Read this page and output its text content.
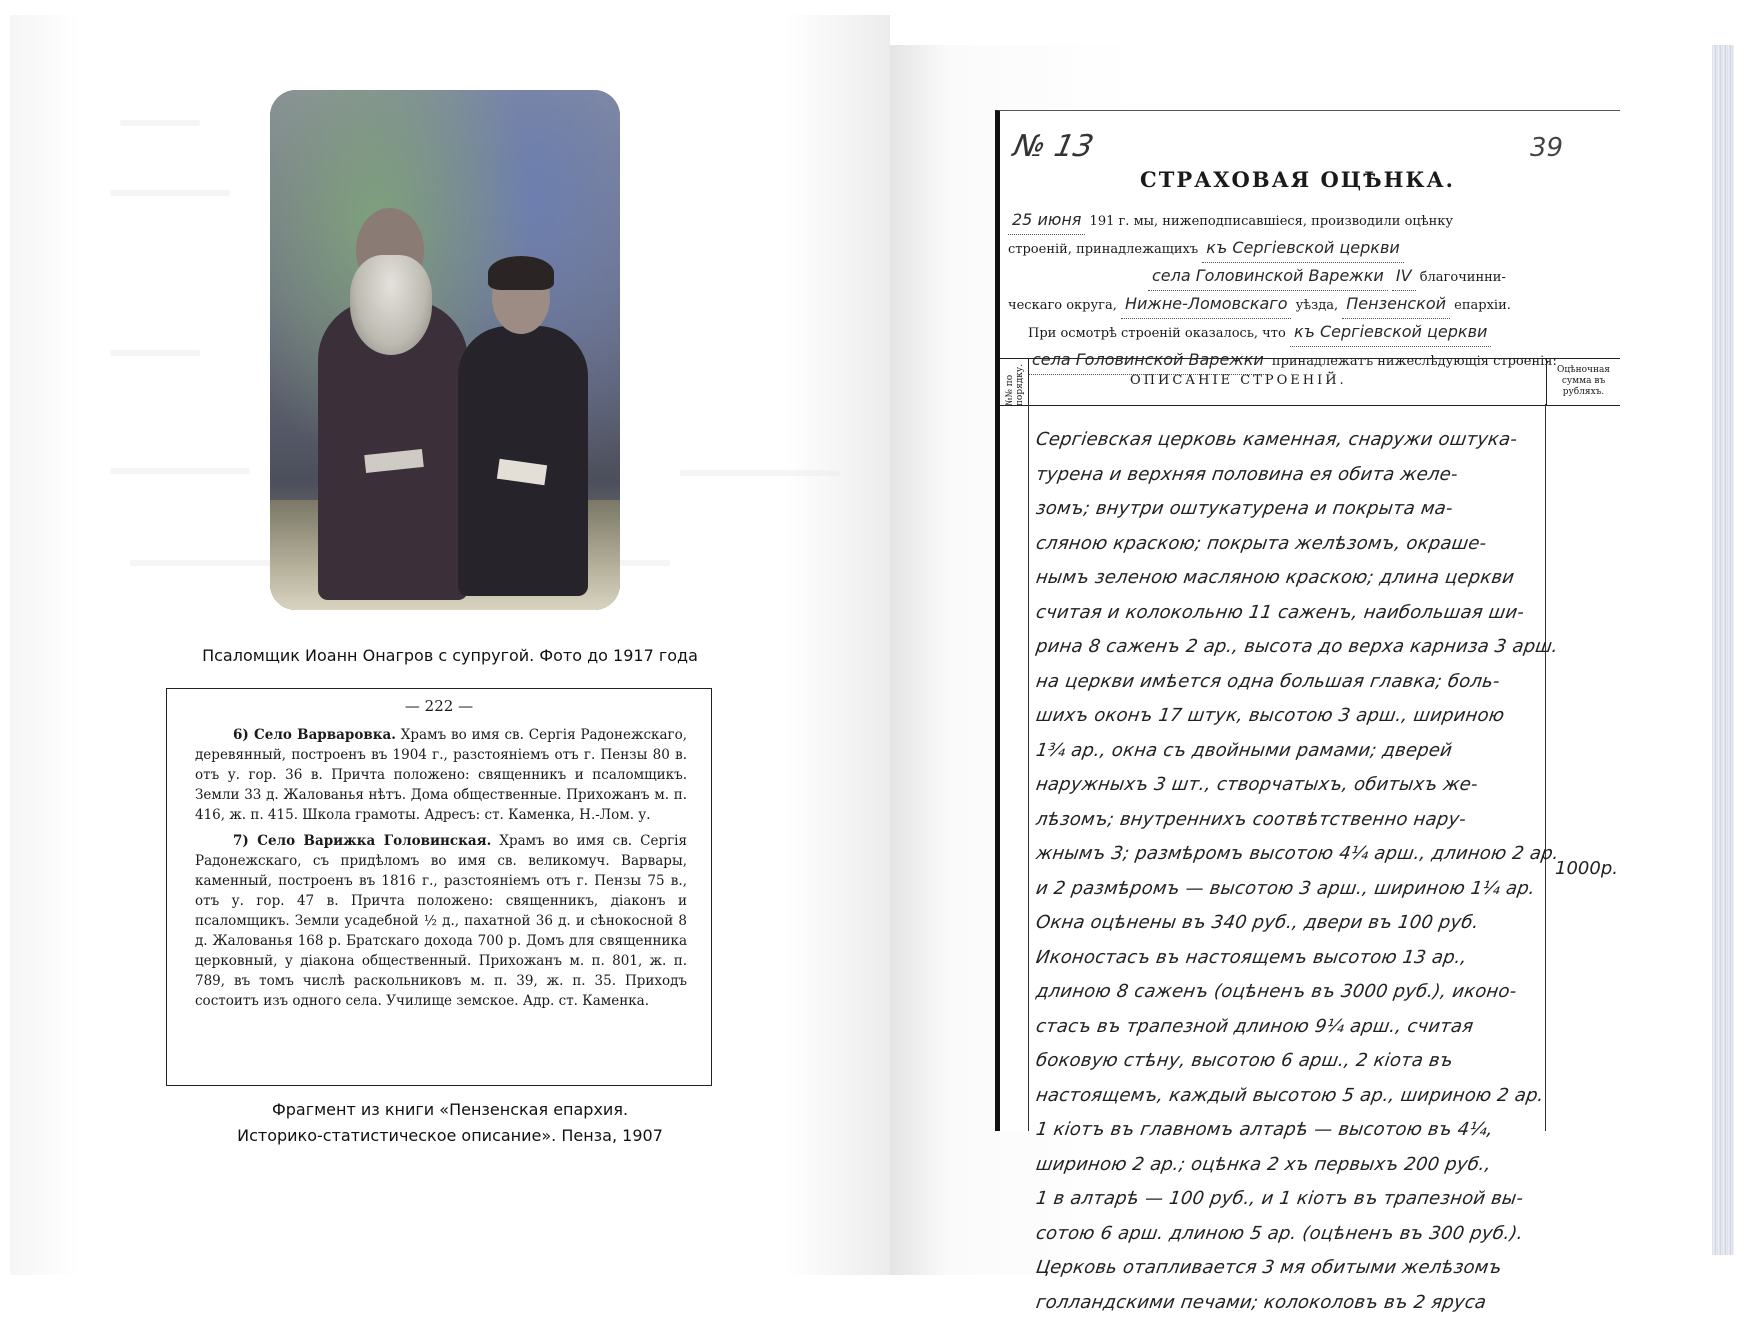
Псаломщик Иоанн Онагров с супругой. Фото до 1917 года
— 222 —

6) Село Варваровка. Храмъ во имя св. Сергія Радонежскаго, деревянный, построенъ въ 1904 г., разстояніемъ отъ г. Пензы 80 в. отъ у. гор. 36 в. Причта положено: священникъ и псаломщикъ. Земли 33 д. Жалованья нѣтъ. Дома общественные. Прихожанъ м. п. 416, ж. п. 415. Школа грамоты. Адресъ: ст. Каменка, Н.-Лом. у.

7) Село Варижка Головинская. Храмъ во имя св. Сергія Радонежскаго, съ придѣломъ во имя св. великомуч. Варвары, каменный, построенъ въ 1816 г., разстояніемъ отъ г. Пензы 75 в., отъ у. гор. 47 в. Причта положено: священникъ, діаконъ и псаломщикъ. Земли усадебной ½ д., пахатной 36 д. и сѣнокосной 8 д. Жалованья 168 р. Братскаго дохода 700 р. Домъ для священника церковный, у діакона общественный. Прихожанъ м. п. 801, ж. п. 789, въ томъ числѣ раскольниковъ м. п. 39, ж. п. 35. Приходъ состоитъ изъ одного села. Училище земское. Адр. ст. Каменка.

Фрагмент из книги «Пензенская епархия.
Историко-статистическое описание». Пенза, 1907
№ 13	39
СТРАХОВАЯ ОЦѢНКА.
25 июня 191 г. мы, нижеподписавшіеся, производили оцѣнку
строеній, принадлежащихъ къ Сергіевской церкви
села Головинской Варежки IV благочинни-
ческаго округа, Нижне-Ломовскаго уѣзда, Пензенской епархіи.
При осмотрѣ строеній оказалось, что къ Сергіевской церкви
села Головинской Варежки принадлежатъ нижеслѣдующія строенія:
№№ по порядку.	ОПИСАНІЕ СТРОЕНІЙ.
Оцѣночная сумма въ рубляхъ.
Сергіевская церковь каменная, снаружи оштука-
турена и верхняя половина ея обита желе-
зомъ; внутри оштукатурена и покрыта ма-
сляною краскою; покрыта желѣзомъ, окраше-
нымъ зеленою масляною краскою; длина церкви
считая и колокольню 11 саженъ, наибольшая ши-
рина 8 саженъ 2 ар., высота до верха карниза 3 арш.
на церкви имѣется одна большая главка; боль-
шихъ оконъ 17 штук, высотою 3 арш., шириною
1¾ ар., окна съ двойными рамами; дверей
наружныхъ 3 шт., створчатыхъ, обитыхъ же-
лѣзомъ; внутреннихъ соотвѣтственно нару-
жнымъ 3; размѣромъ высотою 4¼ арш., длиною 2 ар.
и 2 размѣромъ — высотою 3 арш., шириною 1¼ ар.
Окна оцѣнены въ 340 руб., двери въ 100 руб.
Иконостасъ въ настоящемъ высотою 13 ар.,
длиною 8 саженъ (оцѣненъ въ 3000 руб.), иконо-
стасъ въ трапезной длиною 9¼ арш., считая
боковую стѣну, высотою 6 арш., 2 кіота въ
настоящемъ, каждый высотою 5 ар., шириною 2 ар.
1 кіотъ въ главномъ алтарѣ — высотою въ 4¼,
шириною 2 ар.; оцѣнка 2 хъ первыхъ 200 руб.,
1 в алтарѣ — 100 руб., и 1 кіотъ въ трапезной вы-
сотою 6 арш. длиною 5 ар. (оцѣненъ въ 300 руб.).
Церковь отапливается 3 мя обитыми желѣзомъ
голландскими печами; колоколовъ въ 2 яруса
1000р.
